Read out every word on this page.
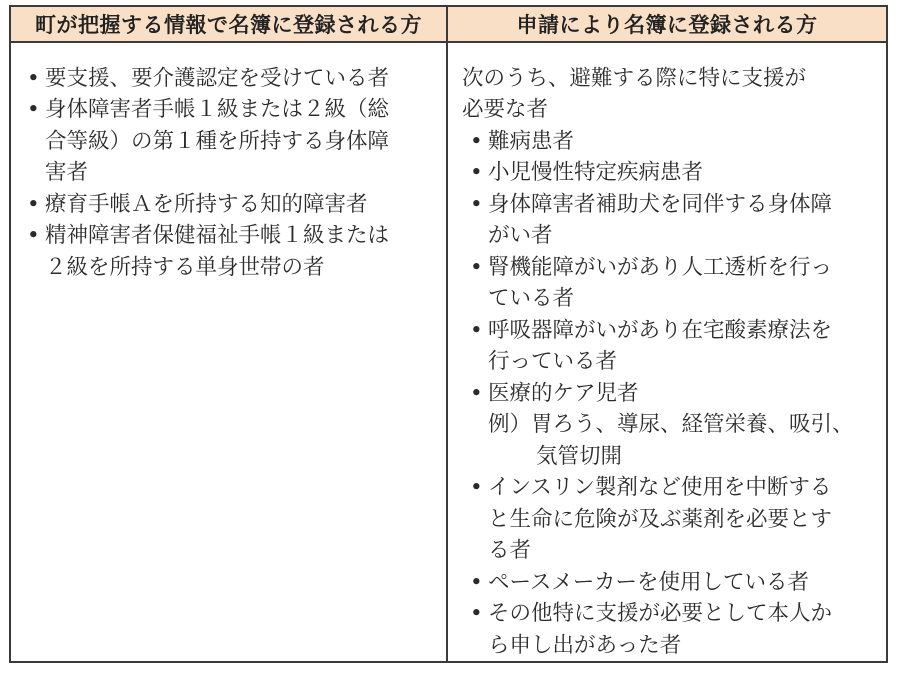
町が把握する情報で名簿に登録される方	申請により名簿に登録される方
• 要支援、要介護認定を受けている者
• 身体障害者手帳１級または２級（総
合等級）の第１種を所持する身体障
害者
• 療育手帳Ａを所持する知的障害者
• 精神障害者保健福祉手帳１級または
２級を所持する単身世帯の者
次のうち、避難する際に特に支援が
必要な者
• 難病患者
• 小児慢性特定疾病患者
• 身体障害者補助犬を同伴する身体障
がい者
• 腎機能障がいがあり人工透析を行っ
ている者
• 呼吸器障がいがあり在宅酸素療法を
行っている者
• 医療的ケア児者
例）胃ろう、導尿、経管栄養、吸引、
気管切開
• インスリン製剤など使用を中断する
と生命に危険が及ぶ薬剤を必要とす
る者
• ペースメーカーを使用している者
• その他特に支援が必要として本人か
ら申し出があった者
